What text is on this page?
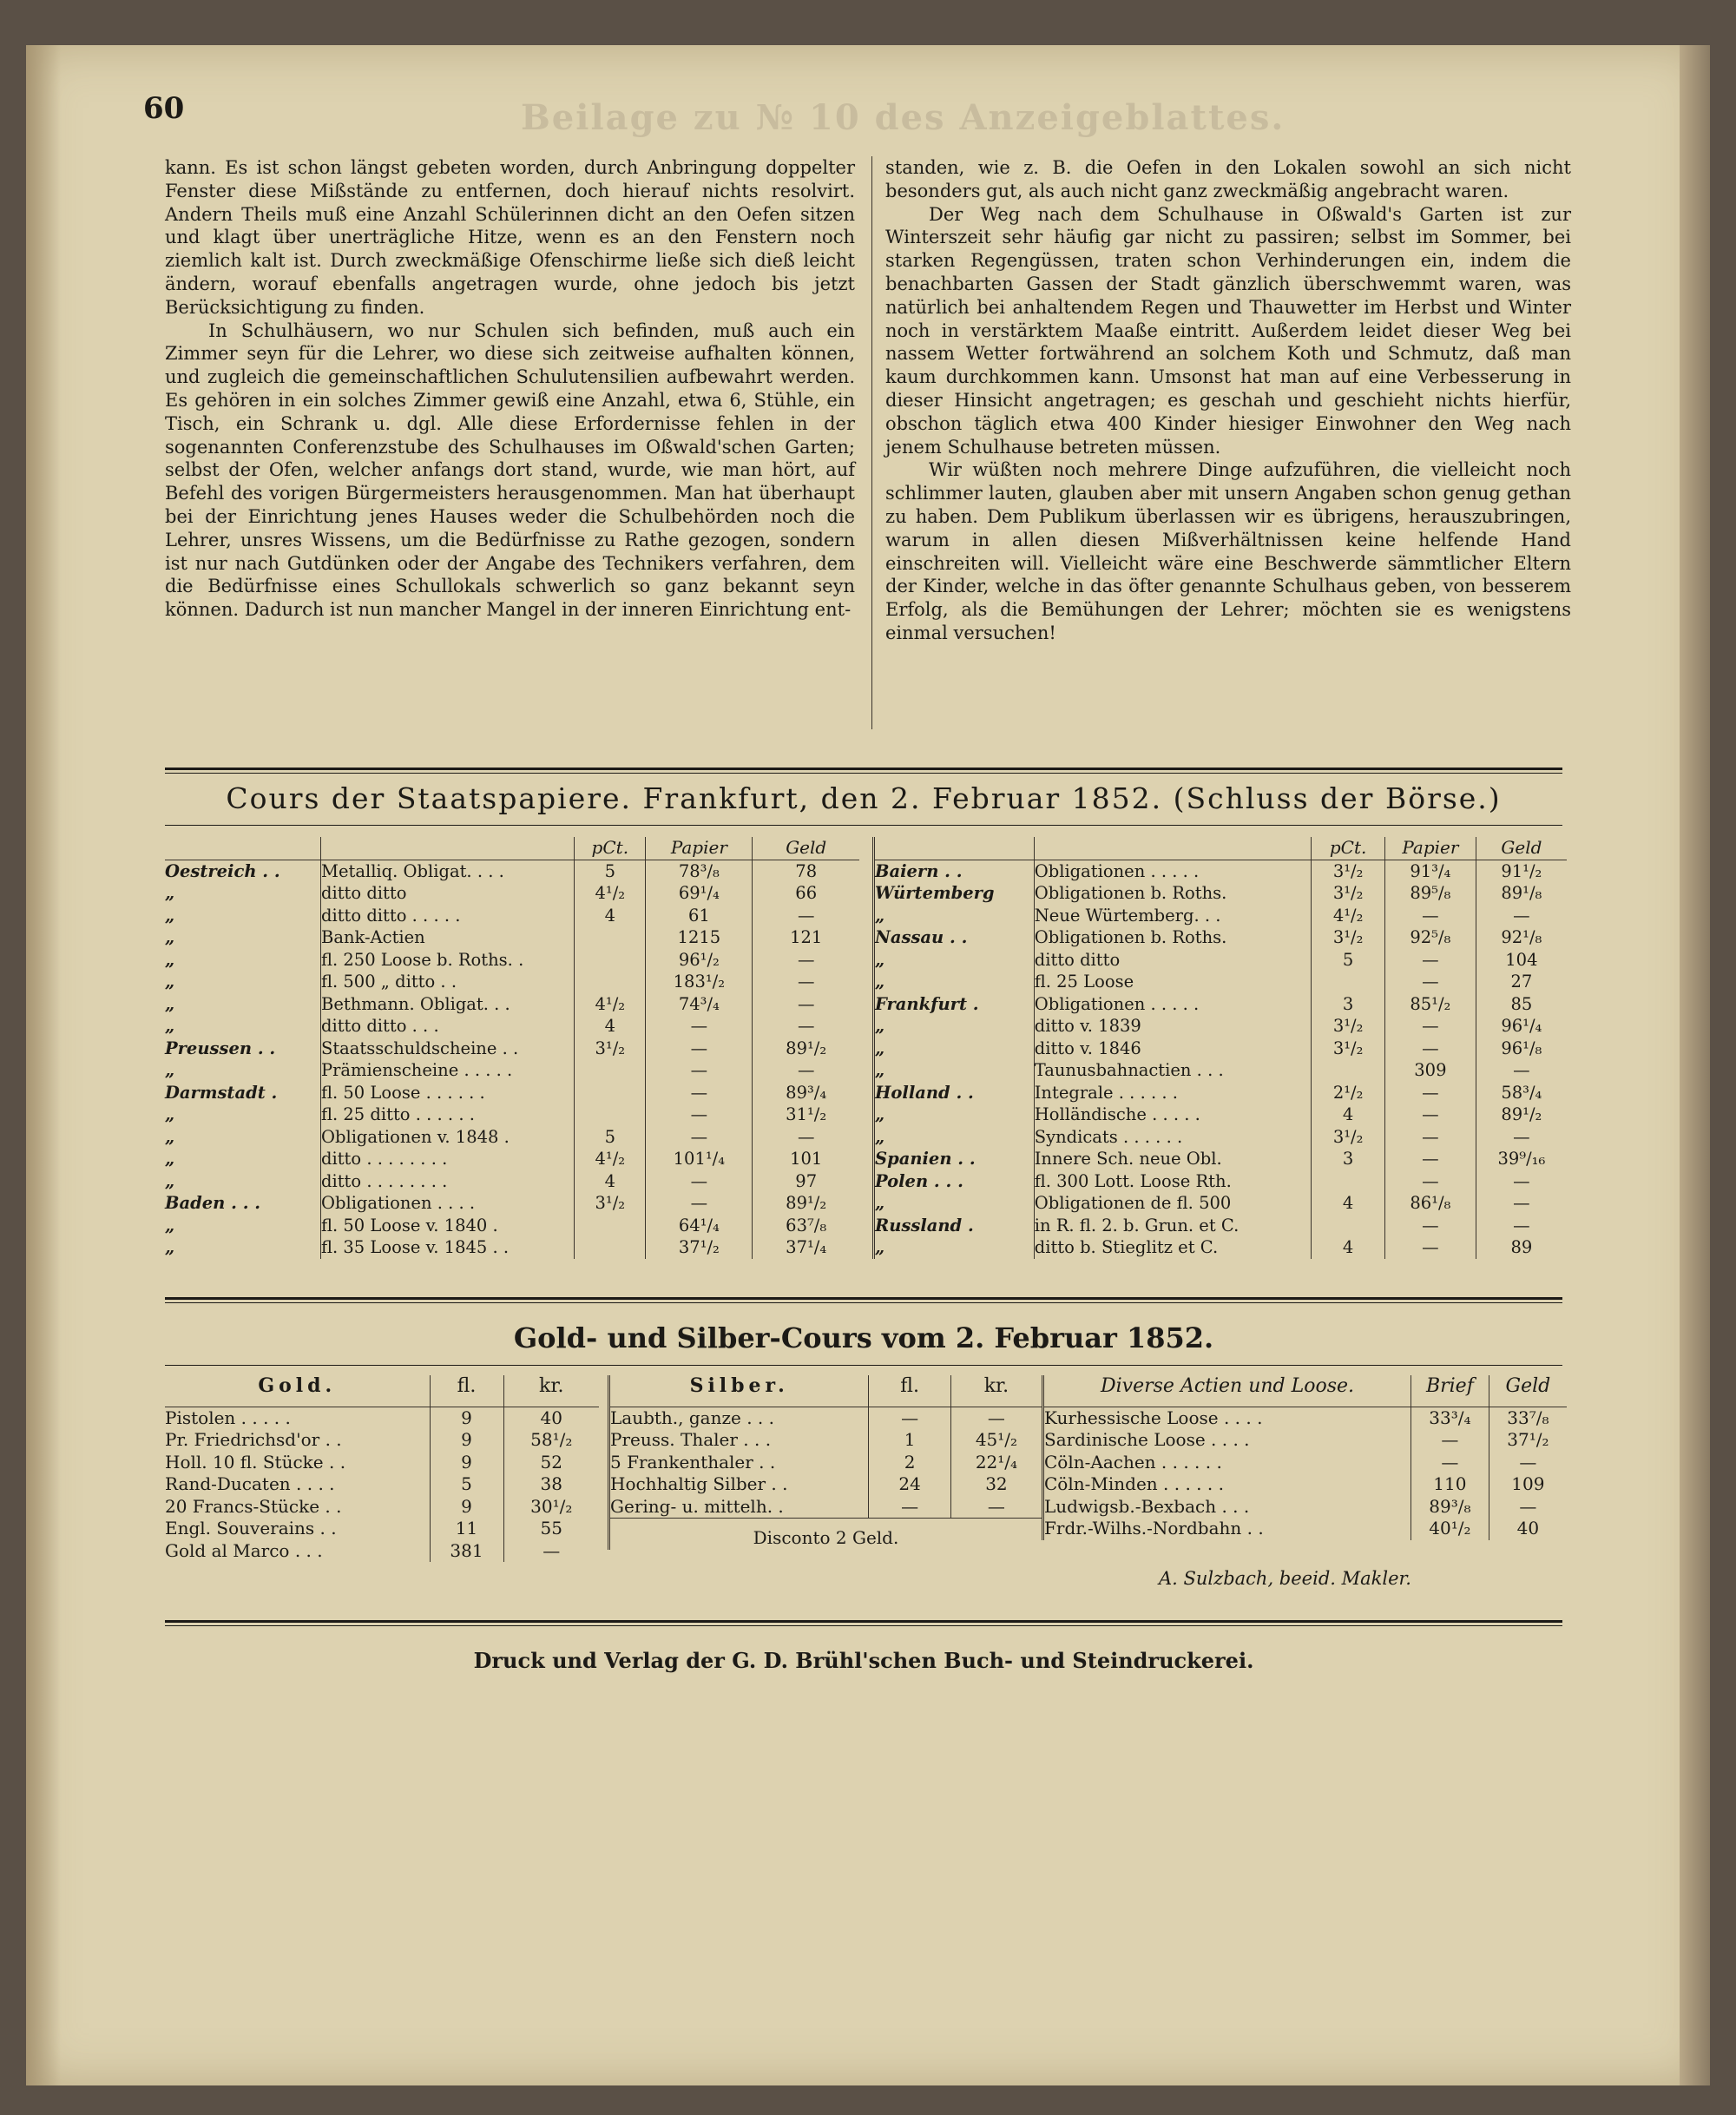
60	Beilage zu № 10 des Anzeigeblattes.

kann. Es ist schon längst gebeten worden, durch Anbringung doppelter Fenster diese Mißstände zu entfernen, doch hierauf nichts resolvirt. Andern Theils muß eine Anzahl Schülerinnen dicht an den Oefen sitzen und klagt über unerträgliche Hitze, wenn es an den Fenstern noch ziemlich kalt ist. Durch zweckmäßige Ofenschirme ließe sich dieß leicht ändern, worauf ebenfalls angetragen wurde, ohne jedoch bis jetzt Berücksichtigung zu finden.

In Schulhäusern, wo nur Schulen sich befinden, muß auch ein Zimmer seyn für die Lehrer, wo diese sich zeitweise aufhalten können, und zugleich die gemeinschaftlichen Schulutensilien aufbewahrt werden. Es gehören in ein solches Zimmer gewiß eine Anzahl, etwa 6, Stühle, ein Tisch, ein Schrank u. dgl. Alle diese Erfordernisse fehlen in der sogenannten Conferenzstube des Schulhauses im Oßwald'schen Garten; selbst der Ofen, welcher anfangs dort stand, wurde, wie man hört, auf Befehl des vorigen Bürgermeisters herausgenommen. Man hat überhaupt bei der Einrichtung jenes Hauses weder die Schulbehörden noch die Lehrer, unsres Wissens, um die Bedürfnisse zu Rathe gezogen, sondern ist nur nach Gutdünken oder der Angabe des Technikers verfahren, dem die Bedürfnisse eines Schullokals schwerlich so ganz bekannt seyn können. Dadurch ist nun mancher Mangel in der inneren Einrichtung ent-

standen, wie z. B. die Oefen in den Lokalen sowohl an sich nicht besonders gut, als auch nicht ganz zweckmäßig angebracht waren.

Der Weg nach dem Schulhause in Oßwald's Garten ist zur Winterszeit sehr häufig gar nicht zu passiren; selbst im Sommer, bei starken Regengüssen, traten schon Verhinderungen ein, indem die benachbarten Gassen der Stadt gänzlich überschwemmt waren, was natürlich bei anhaltendem Regen und Thauwetter im Herbst und Winter noch in verstärktem Maaße eintritt. Außerdem leidet dieser Weg bei nassem Wetter fortwährend an solchem Koth und Schmutz, daß man kaum durchkommen kann. Umsonst hat man auf eine Verbesserung in dieser Hinsicht angetragen; es geschah und geschieht nichts hierfür, obschon täglich etwa 400 Kinder hiesiger Einwohner den Weg nach jenem Schulhause betreten müssen.

Wir wüßten noch mehrere Dinge aufzuführen, die vielleicht noch schlimmer lauten, glauben aber mit unsern Angaben schon genug gethan zu haben. Dem Publikum überlassen wir es übrigens, herauszubringen, warum in allen diesen Mißverhältnissen keine helfende Hand einschreiten will. Vielleicht wäre eine Beschwerde sämmtlicher Eltern der Kinder, welche in das öfter genannte Schulhaus geben, von besserem Erfolg, als die Bemühungen der Lehrer; möchten sie es wenigstens einmal versuchen!

Cours der Staatspapiere. Frankfurt, den 2. Februar 1852. (Schluss der Börse.)
		pCt.	Papier	Geld
Oestreich . .	Metalliq. Obligat. . . .	5	78³/₈	78
„	ditto ditto	4¹/₂	69¹/₄	66
„	ditto ditto . . . . .	4	61	—
„	Bank-Actien		1215	121
„	fl. 250 Loose b. Roths. .		96¹/₂	—
„	fl. 500 „ ditto . .		183¹/₂	—
„	Bethmann. Obligat. . .	4¹/₂	74³/₄	—
„	ditto ditto . . .	4	—	—
Preussen . .	Staatsschuldscheine . .	3¹/₂	—	89¹/₂
„	Prämienscheine . . . . .		—	—
Darmstadt .	fl. 50 Loose . . . . . .		—	89³/₄
„	fl. 25 ditto . . . . . .		—	31¹/₂
„	Obligationen v. 1848 .	5	—	—
„	ditto . . . . . . . .	4¹/₂	101¹/₄	101
„	ditto . . . . . . . .	4	—	97
Baden . . .	Obligationen . . . .	3¹/₂	—	89¹/₂
„	fl. 50 Loose v. 1840 .		64¹/₄	63⁷/₈
„	fl. 35 Loose v. 1845 . .		37¹/₂	37¹/₄
		pCt.	Papier	Geld
Baiern . .	Obligationen . . . . .	3¹/₂	91³/₄	91¹/₂
Würtemberg	Obligationen b. Roths.	3¹/₂	89⁵/₈	89¹/₈
„	Neue Würtemberg. . .	4¹/₂	—	—
Nassau . .	Obligationen b. Roths.	3¹/₂	92⁵/₈	92¹/₈
„	ditto ditto	5	—	104
„	fl. 25 Loose		—	27
Frankfurt .	Obligationen . . . . .	3	85¹/₂	85
„	ditto v. 1839	3¹/₂	—	96¹/₄
„	ditto v. 1846	3¹/₂	—	96¹/₈
„	Taunusbahnactien . . .		309	—
Holland . .	Integrale . . . . . .	2¹/₂	—	58³/₄
„	Holländische . . . . .	4	—	89¹/₂
„	Syndicats . . . . . .	3¹/₂	—	—
Spanien . .	Innere Sch. neue Obl.	3	—	39⁹/₁₆
Polen . . .	fl. 300 Lott. Loose Rth.		—	—
„	Obligationen de fl. 500	4	86¹/₈	—
Russland .	in R. fl. 2. b. Grun. et C.		—	—
„	ditto b. Stieglitz et C.	4	—	89
Gold- und Silber-Cours vom 2. Februar 1852.
Gold.	fl.	kr.
Pistolen . . . . .	9	40
Pr. Friedrichsd'or . .	9	58¹/₂
Holl. 10 fl. Stücke . .	9	52
Rand-Ducaten . . . .	5	38
20 Francs-Stücke . .	9	30¹/₂
Engl. Souverains . .	11	55
Gold al Marco . . .	381	—
Silber.	fl.	kr.
Laubth., ganze . . .	—	—
Preuss. Thaler . . .	1	45¹/₂
5 Frankenthaler . .	2	22¹/₄
Hochhaltig Silber . .	24	32
Gering- u. mittelh. .	—	—
Disconto 2 Geld.		
Diverse Actien und Loose.	Brief	Geld
Kurhessische Loose . . . .	33³/₄	33⁷/₈
Sardinische Loose . . . .	—	37¹/₂
Cöln-Aachen . . . . . .	—	—
Cöln-Minden . . . . . .	110	109
Ludwigsb.-Bexbach . . .	89³/₈	—
Frdr.-Wilhs.-Nordbahn . .	40¹/₂	40
A. Sulzbach, beeid. Makler.
Druck und Verlag der G. D. Brühl'schen Buch- und Steindruckerei.
